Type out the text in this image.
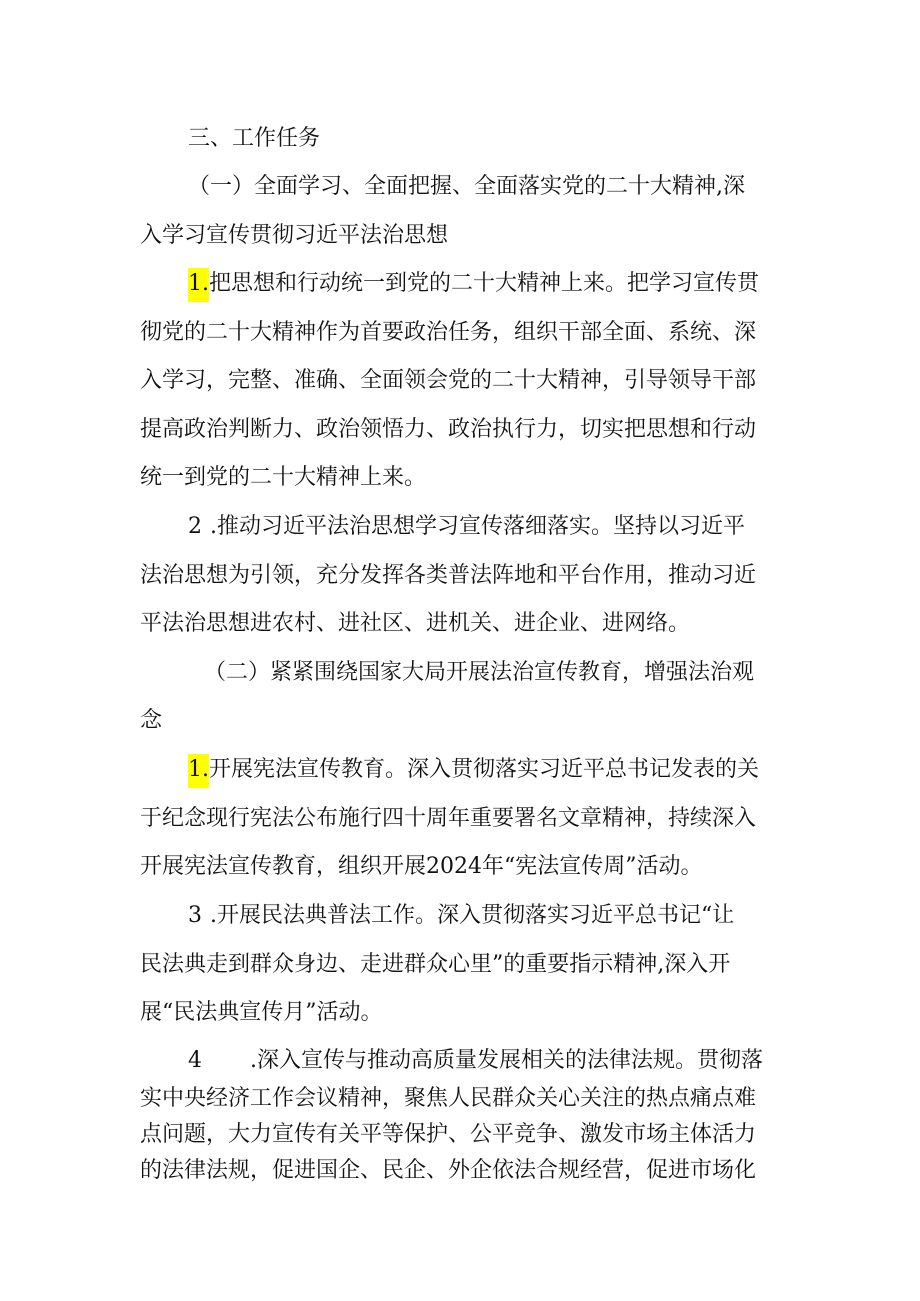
三、工作任务
（一）全面学习、全面把握、全面落实党的二十大精神,深
入学习宣传贯彻习近平法治思想
1.把思想和行动统一到党的二十大精神上来。把学习宣传贯
彻党的二十大精神作为首要政治任务，组织干部全面、系统、深
入学习，完整、准确、全面领会党的二十大精神，引导领导干部
提高政治判断力、政治领悟力、政治执行力，切实把思想和行动
统一到党的二十大精神上来。
2 .推动习近平法治思想学习宣传落细落实。坚持以习近平
法治思想为引领，充分发挥各类普法阵地和平台作用，推动习近
平法治思想进农村、进社区、进机关、进企业、进网络。
（二）紧紧围绕国家大局开展法治宣传教育，增强法治观
念
1.开展宪法宣传教育。深入贯彻落实习近平总书记发表的关
于纪念现行宪法公布施行四十周年重要署名文章精神，持续深入
开展宪法宣传教育，组织开展2024年“宪法宣传周”活动。
3 .开展民法典普法工作。深入贯彻落实习近平总书记“让
民法典走到群众身边、走进群众心里”的重要指示精神,深入开
展“民法典宣传月”活动。
4 .深入宣传与推动高质量发展相关的法律法规。贯彻落
实中央经济工作会议精神，聚焦人民群众关心关注的热点痛点难
点问题，大力宣传有关平等保护、公平竞争、激发市场主体活力
的法律法规，促进国企、民企、外企依法合规经营，促进市场化
